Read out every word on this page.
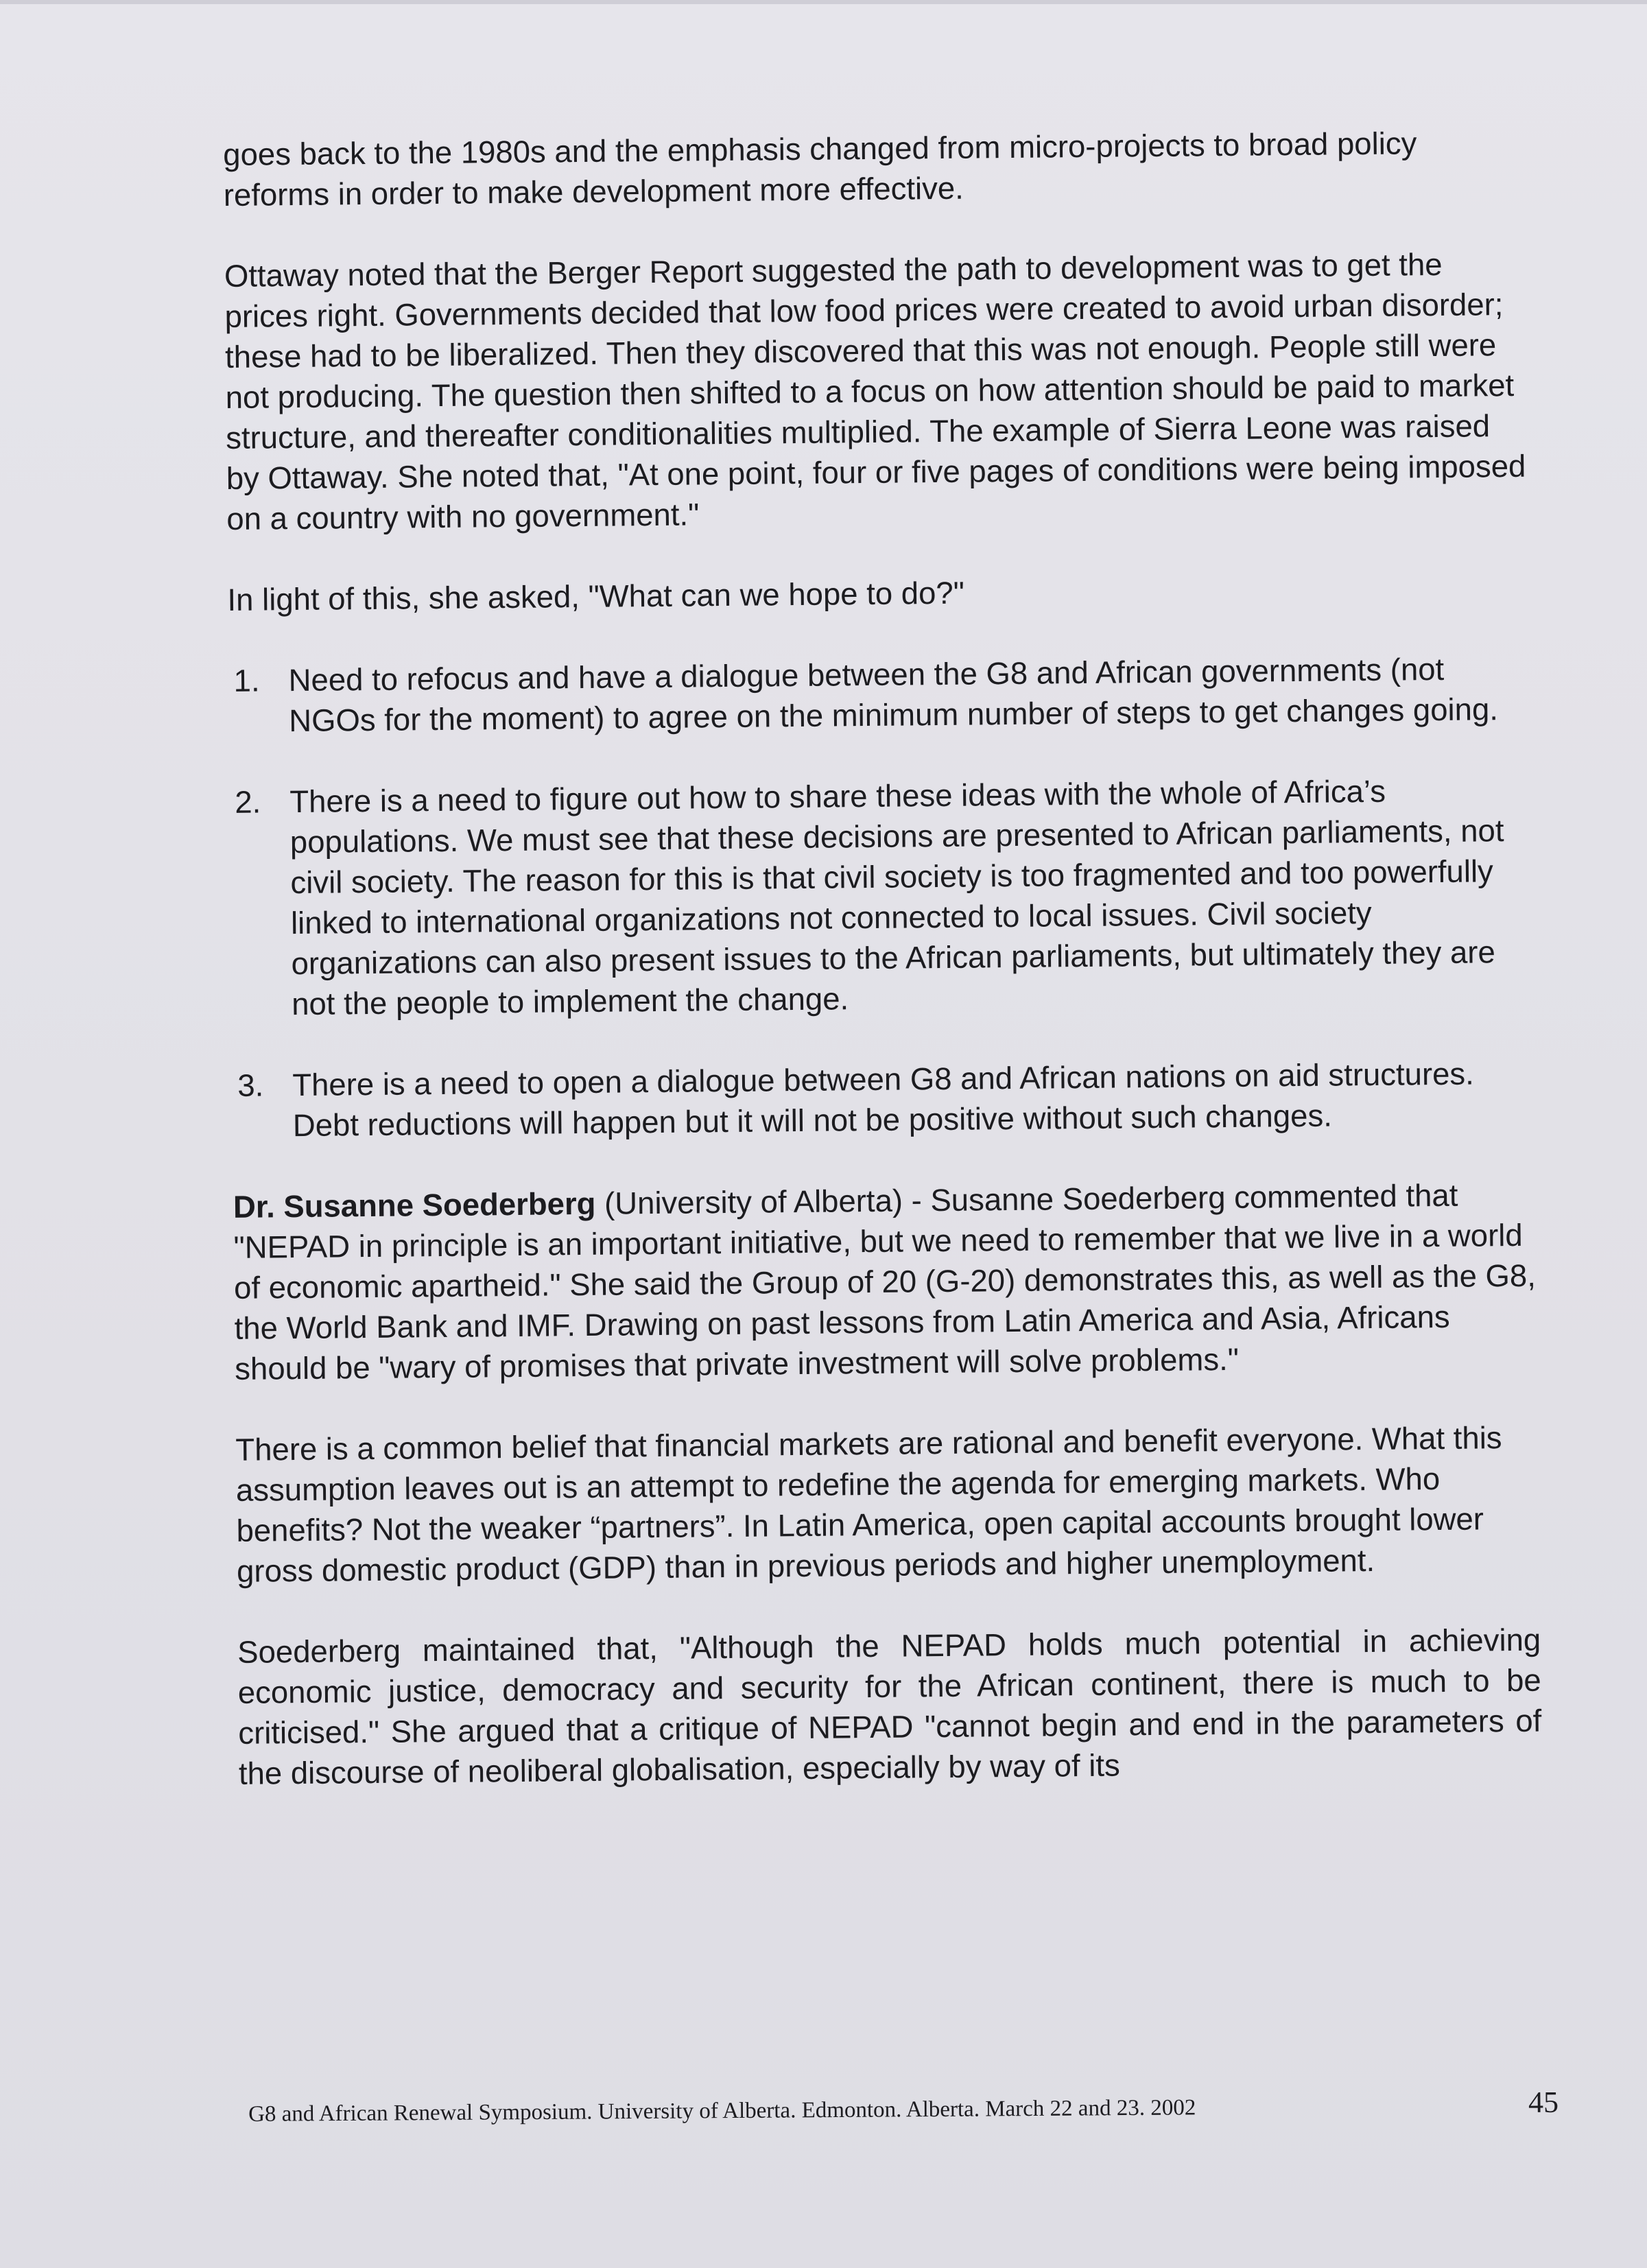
goes back to the 1980s and the emphasis changed from micro-projects to broad policy reforms in order to make development more effective.

Ottaway noted that the Berger Report suggested the path to development was to get the prices right. Governments decided that low food prices were created to avoid urban disorder; these had to be liberalized. Then they discovered that this was not enough. People still were not producing. The question then shifted to a focus on how attention should be paid to market structure, and thereafter conditionalities multiplied. The example of Sierra Leone was raised by Ottaway. She noted that, "At one point, four or five pages of conditions were being imposed on a country with no government."

In light of this, she asked, "What can we hope to do?"

1. Need to refocus and have a dialogue between the G8 and African governments (not NGOs for the moment) to agree on the minimum number of steps to get changes going.
2. There is a need to figure out how to share these ideas with the whole of Africa’s populations. We must see that these decisions are presented to African parliaments, not civil society. The reason for this is that civil society is too fragmented and too powerfully linked to international organizations not connected to local issues. Civil society organizations can also present issues to the African parliaments, but ultimately they are not the people to implement the change.
3. There is a need to open a dialogue between G8 and African nations on aid structures. Debt reductions will happen but it will not be positive without such changes.

Dr. Susanne Soederberg (University of Alberta) - Susanne Soederberg commented that "NEPAD in principle is an important initiative, but we need to remember that we live in a world of economic apartheid." She said the Group of 20 (G-20) demonstrates this, as well as the G8, the World Bank and IMF. Drawing on past lessons from Latin America and Asia, Africans should be "wary of promises that private investment will solve problems."

There is a common belief that financial markets are rational and benefit everyone. What this assumption leaves out is an attempt to redefine the agenda for emerging markets. Who benefits? Not the weaker “partners”. In Latin America, open capital accounts brought lower gross domestic product (GDP) than in previous periods and higher unemployment.

Soederberg maintained that, "Although the NEPAD holds much potential in achieving economic justice, democracy and security for the African continent, there is much to be criticised." She argued that a critique of NEPAD "cannot begin and end in the parameters of the discourse of neoliberal globalisation, especially by way of its

G8 and African Renewal Symposium. University of Alberta. Edmonton. Alberta. March 22 and 23. 2002	45
